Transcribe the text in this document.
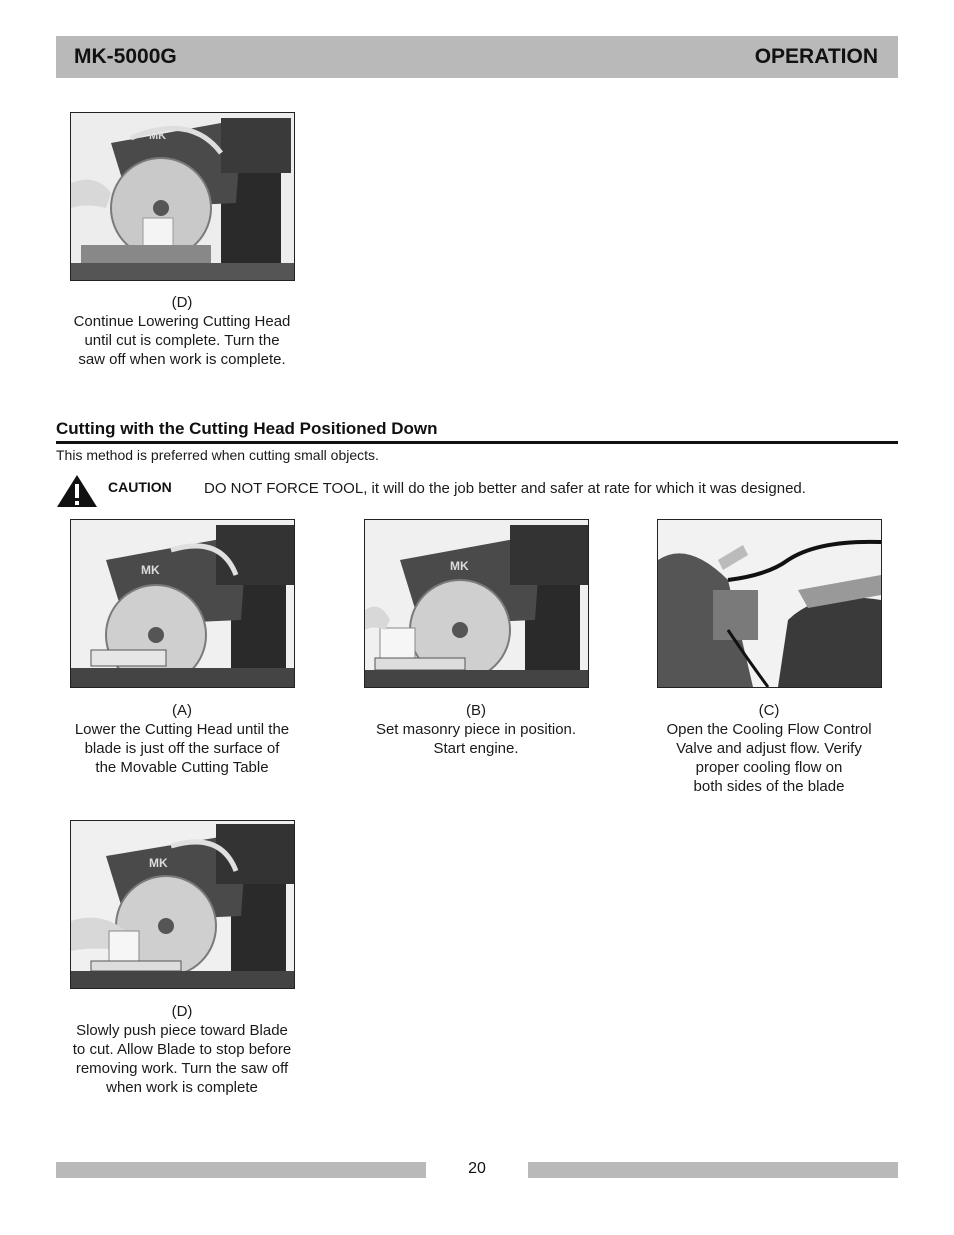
MK-5000G	OPERATION
MK
(D)
Continue Lowering Cutting Head
until cut is complete. Turn the
saw off when work is complete.
Cutting with the Cutting Head Positioned Down
This method is preferred when cutting small objects.
CAUTION DO NOT FORCE TOOL, it will do the job better and safer at rate for which it was designed.
MK
(A)
Lower the Cutting Head until the
blade is just off the surface of
the Movable Cutting Table
MK
(B)
Set masonry piece in position.
Start engine.
(C)
Open the Cooling Flow Control
Valve and adjust flow. Verify
proper cooling flow on
both sides of the blade
MK
(D)
Slowly push piece toward Blade
to cut. Allow Blade to stop before
removing work. Turn the saw off
when work is complete
20
